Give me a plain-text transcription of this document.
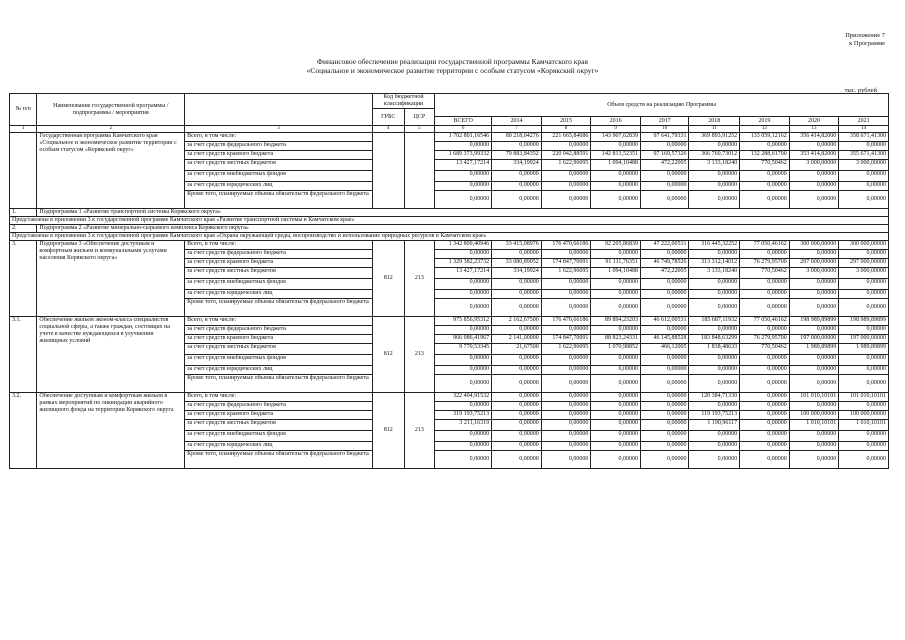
Приложение 7
к Программе
Финансовое обеспечение реализации государственной программы Камчатского края
«Социальное и экономическое развитие территории с особым статусом «Корякский округ»
тыс. рублей
№ п/п	Наименование государственной программы / подпрограммы / мероприятия		Код бюджетной классификации		Объем средств на реализацию Программы								
			ГРБС	ЦСР									
					ВСЕГО	2014	2015	2016	2017	2018	2019	2020	2021
1	2	3	4	5	6	7	8	9	10	11	12	13	14
	Государственная программа Камчатского края «Социальное и экономическое развитие территории с особым статусом «Корякский округ»	Всего, в том числе:			1 702 801,16546	80 218,04276	221 665,84686	143 907,62839	97 641,79331	369 893,91252	133 059,12162	356 414,82000	358 671,41300
		за счет средств федерального бюджета			0,00000	0,00000	0,00000	0,00000	0,00000	0,00000	0,00000	0,00000	0,00000
		за счет средств краевого бюджета			1 689 373,99332	79 883,84352	220 042,88591	142 813,52351	97 169,57326	366 760,73012	132 288,61700	353 414,82000	355 671,41300
		за счет средств местных бюджетов			13 427,17214	334,19924	1 622,96095	1 094,10488	472,22005	3 133,18240	770,50462	3 000,00000	3 000,00000
		за счет средств внебюджетных фондов			0,00000	0,00000	0,00000	0,00000	0,00000	0,00000	0,00000	0,00000	0,00000
		за счет средств юридических лиц			0,00000	0,00000	0,00000	0,00000	0,00000	0,00000	0,00000	0,00000	0,00000
		Кроме того, планируемые объемы обязательств федерального бюджета			0,00000	0,00000	0,00000	0,00000	0,00000	0,00000	0,00000	0,00000	0,00000
1.	Подпрограмма 1 «Развитие транспортной системы Корякского округа»												
Представлены в приложении 3 к государственной программе Камчатского края «Развитие транспортной системы в Камчатском крае»													
2.	Подпрограмма 2 «Развитие минерально-сырьевого комплекса Корякского округа»												
Представлены в приложении 3 к государственной программе Камчатского края «Охрана окружающей среды, воспроизводство и использование природных ресурсов в Камчатском крае»													
3.	Подпрограмма 3 «Обеспечение доступным и комфортным жильем и коммунальными услугами населения Корякского округа»	Всего, в том числе:	812	213	1 342 809,40946	33 415,08976	176 470,66186	92 205,86839	47 222,00531	316 445,32252	77 050,46162	300 000,00000	300 000,00000
		за счет средств федерального бюджета			0,00000	0,00000	0,00000	0,00000	0,00000	0,00000	0,00000	0,00000	0,00000
		за счет средств краевого бюджета			1 329 382,23732	33 080,89052	174 847,70091	91 111,76351	46 749,78526	313 312,14012	76 279,95700	297 000,00000	297 000,00000
		за счет средств местных бюджетов			13 427,17214	334,19924	1 622,96095	1 094,10488	472,22005	3 133,18240	770,50462	3 000,00000	3 000,00000
		за счет средств внебюджетных фондов			0,00000	0,00000	0,00000	0,00000	0,00000	0,00000	0,00000	0,00000	0,00000
		за счет средств юридических лиц			0,00000	0,00000	0,00000	0,00000	0,00000	0,00000	0,00000	0,00000	0,00000
		Кроме того, планируемые объемы обязательств федерального бюджета			0,00000	0,00000	0,00000	0,00000	0,00000	0,00000	0,00000	0,00000	0,00000
3.1.	Обеспечение жильем эконом-класса специалистов социальной сферы, а также граждан, состоящих на учете в качестве нуждающихся в улучшении жилищных условий	Всего, в том числе:	812	213	975 856,95312	2 162,67500	176 470,66186	89 894,23203	46 612,00531	185 687,11932	77 050,46162	198 989,89899	198 989,89899
		за счет средств федерального бюджета			0,00000	0,00000	0,00000	0,00000	0,00000	0,00000	0,00000	0,00000	0,00000
		за счет средств краевого бюджета			966 086,41967	2 141,00000	174 847,70091	88 823,24331	46 145,88528	183 848,63299	76 279,95700	197 000,00000	197 000,00000
		за счет средств местных бюджетов			9 770,53345	21,67500	1 622,96095	1 070,98852	466,12005	1 838,48633	770,50462	1 989,89899	1 989,89899
		за счет средств внебюджетных фондов			0,00000	0,00000	0,00000	0,00000	0,00000	0,00000	0,00000	0,00000	0,00000
		за счет средств юридических лиц			0,00000	0,00000	0,00000	0,00000	0,00000	0,00000	0,00000	0,00000	0,00000
		Кроме того, планируемые объемы обязательств федерального бюджета			0,00000	0,00000	0,00000	0,00000	0,00000	0,00000	0,00000	0,00000	0,00000
3.2.	Обеспечение доступным и комфортным жильем в рамках мероприятий по ликвидации аварийного жилищного фонда на территории Корякского округа	Всего, в том числе:	812	213	322 404,91532	0,00000	0,00000	0,00000	0,00000	120 384,71330	0,00000	101 010,10101	101 010,10101
		за счет средств федерального бюджета			0,00000	0,00000	0,00000	0,00000	0,00000	0,00000	0,00000	0,00000	0,00000
		за счет средств краевого бюджета			319 193,75213	0,00000	0,00000	0,00000	0,00000	119 193,75213	0,00000	100 000,00000	100 000,00000
		за счет средств местных бюджетов			3 211,16319	0,00000	0,00000	0,00000	0,00000	1 190,96117	0,00000	1 010,10101	1 010,10101
		за счет средств внебюджетных фондов			0,00000	0,00000	0,00000	0,00000	0,00000	0,00000	0,00000	0,00000	0,00000
		за счет средств юридических лиц			0,00000	0,00000	0,00000	0,00000	0,00000	0,00000	0,00000	0,00000	0,00000
		Кроме того, планируемые объемы обязательств федерального бюджета			0,00000	0,00000	0,00000	0,00000	0,00000	0,00000	0,00000	0,00000	0,00000
